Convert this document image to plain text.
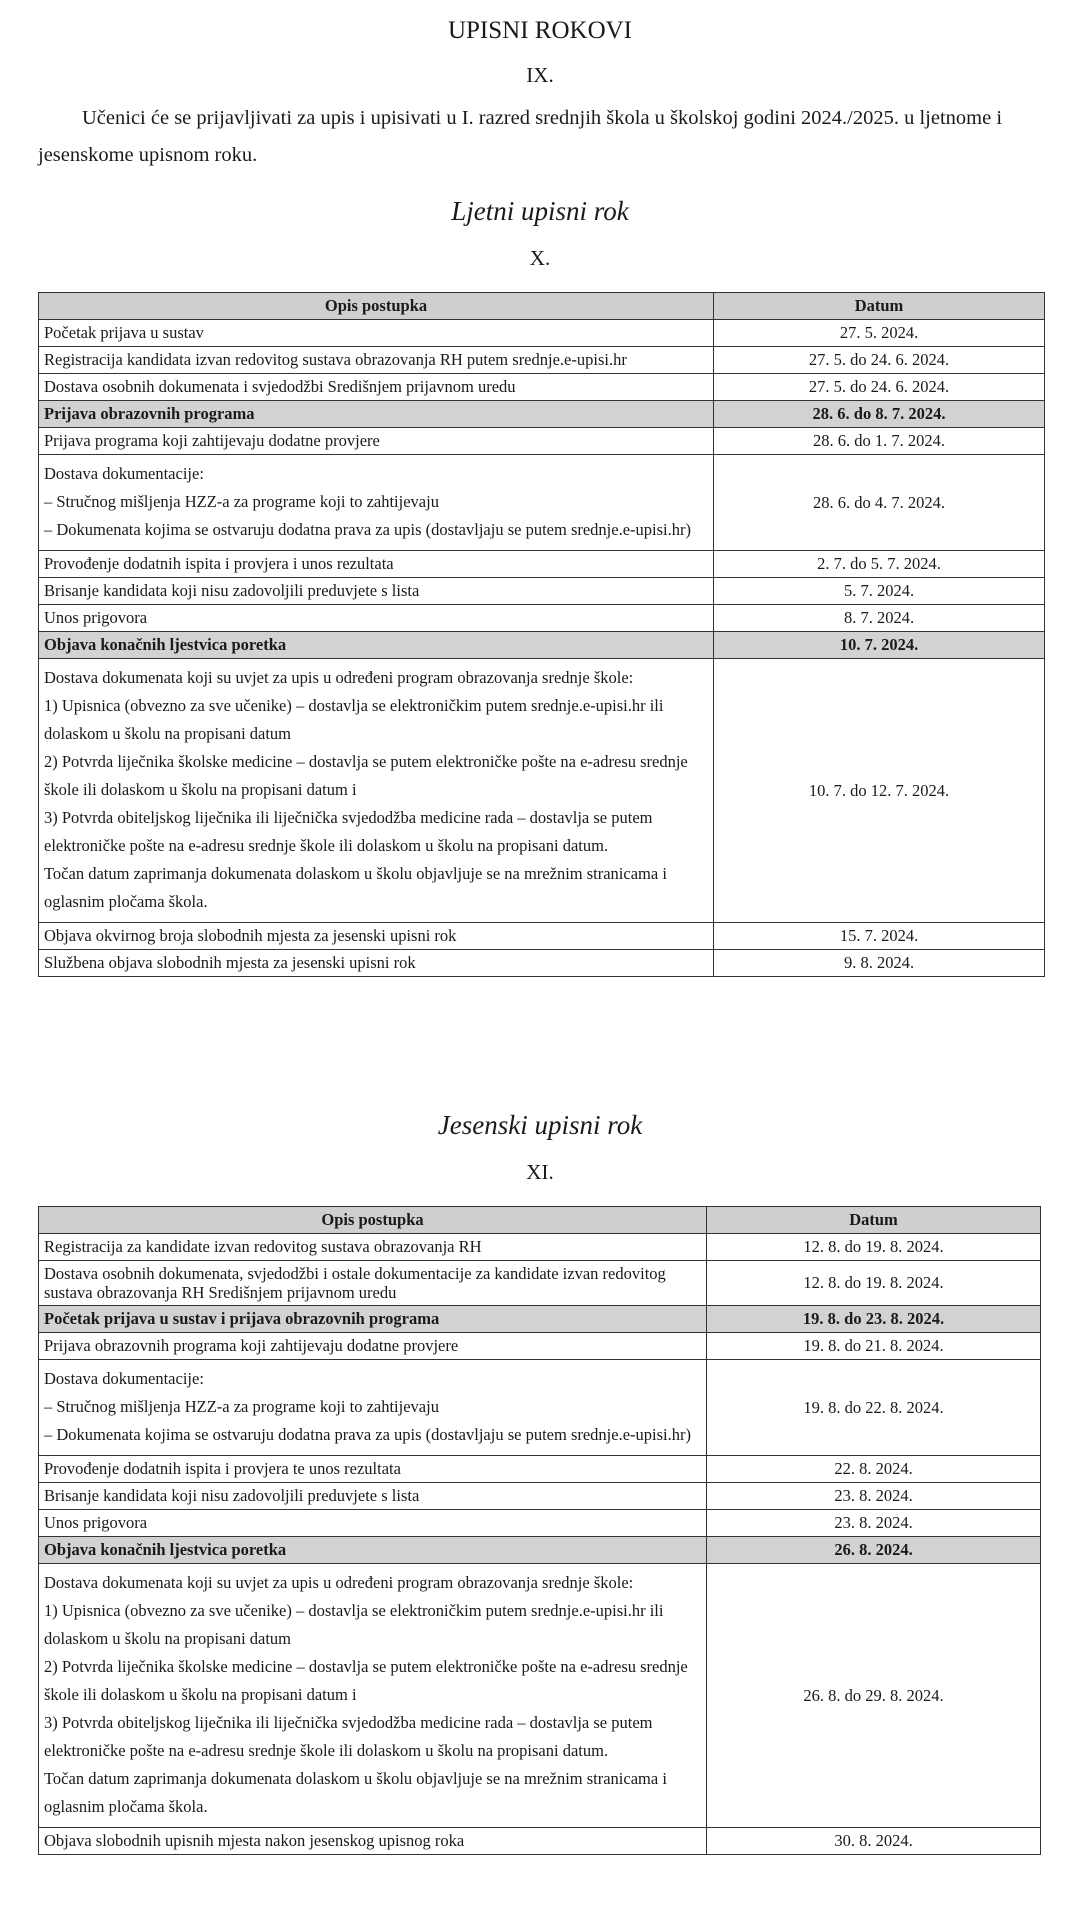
UPISNI ROKOVI
IX.
Učenici će se prijavljivati za upis i upisivati u I. razred srednjih škola u školskoj godini 2024./2025. u ljetnome i jesenskome upisnom roku.
Ljetni upisni rok
X.
Opis postupka	Datum
Početak prijava u sustav	27. 5. 2024.
Registracija kandidata izvan redovitog sustava obrazovanja RH putem srednje.e-upisi.hr	27. 5. do 24. 6. 2024.
Dostava osobnih dokumenata i svjedodžbi Središnjem prijavnom uredu	27. 5. do 24. 6. 2024.
Prijava obrazovnih programa	28. 6. do 8. 7. 2024.
Prijava programa koji zahtijevaju dodatne provjere	28. 6. do 1. 7. 2024.

Dostava dokumentacije:
– Stručnog mišljenja HZZ-a za programe koji to zahtijevaju
– Dokumenata kojima se ostvaruju dodatna prava za upis (dostavljaju se putem srednje.e-upisi.hr)	28. 6. do 4. 7. 2024.
Provođenje dodatnih ispita i provjera i unos rezultata	2. 7. do 5. 7. 2024.
Brisanje kandidata koji nisu zadovoljili preduvjete s lista	5. 7. 2024.
Unos prigovora	8. 7. 2024.
Objava konačnih ljestvica poretka	10. 7. 2024.

Dostava dokumenata koji su uvjet za upis u određeni program obrazovanja srednje škole:
1) Upisnica (obvezno za sve učenike) – dostavlja se elektroničkim putem srednje.e-upisi.hr ili dolaskom u školu na propisani datum
2) Potvrda liječnika školske medicine – dostavlja se putem elektroničke pošte na e-adresu srednje škole ili dolaskom u školu na propisani datum i
3) Potvrda obiteljskog liječnika ili liječnička svjedodžba medicine rada – dostavlja se putem elektroničke pošte na e-adresu srednje škole ili dolaskom u školu na propisani datum.
Točan datum zaprimanja dokumenata dolaskom u školu objavljuje se na mrežnim stranicama i oglasnim pločama škola.	10. 7. do 12. 7. 2024.
Objava okvirnog broja slobodnih mjesta za jesenski upisni rok	15. 7. 2024.
Službena objava slobodnih mjesta za jesenski upisni rok	9. 8. 2024.
Jesenski upisni rok
XI.
Opis postupka	Datum
Registracija za kandidate izvan redovitog sustava obrazovanja RH	12. 8. do 19. 8. 2024.

Dostava osobnih dokumenata, svjedodžbi i ostale dokumentacije za kandidate izvan redovitog sustava obrazovanja RH Središnjem prijavnom uredu	12. 8. do 19. 8. 2024.
Početak prijava u sustav i prijava obrazovnih programa	19. 8. do 23. 8. 2024.
Prijava obrazovnih programa koji zahtijevaju dodatne provjere	19. 8. do 21. 8. 2024.

Dostava dokumentacije:
– Stručnog mišljenja HZZ-a za programe koji to zahtijevaju
– Dokumenata kojima se ostvaruju dodatna prava za upis (dostavljaju se putem srednje.e-upisi.hr)	19. 8. do 22. 8. 2024.
Provođenje dodatnih ispita i provjera te unos rezultata	22. 8. 2024.
Brisanje kandidata koji nisu zadovoljili preduvjete s lista	23. 8. 2024.
Unos prigovora	23. 8. 2024.
Objava konačnih ljestvica poretka	26. 8. 2024.

Dostava dokumenata koji su uvjet za upis u određeni program obrazovanja srednje škole:
1) Upisnica (obvezno za sve učenike) – dostavlja se elektroničkim putem srednje.e-upisi.hr ili dolaskom u školu na propisani datum
2) Potvrda liječnika školske medicine – dostavlja se putem elektroničke pošte na e-adresu srednje škole ili dolaskom u školu na propisani datum i
3) Potvrda obiteljskog liječnika ili liječnička svjedodžba medicine rada – dostavlja se putem elektroničke pošte na e-adresu srednje škole ili dolaskom u školu na propisani datum.
Točan datum zaprimanja dokumenata dolaskom u školu objavljuje se na mrežnim stranicama i oglasnim pločama škola.	26. 8. do 29. 8. 2024.
Objava slobodnih upisnih mjesta nakon jesenskog upisnog roka	30. 8. 2024.
